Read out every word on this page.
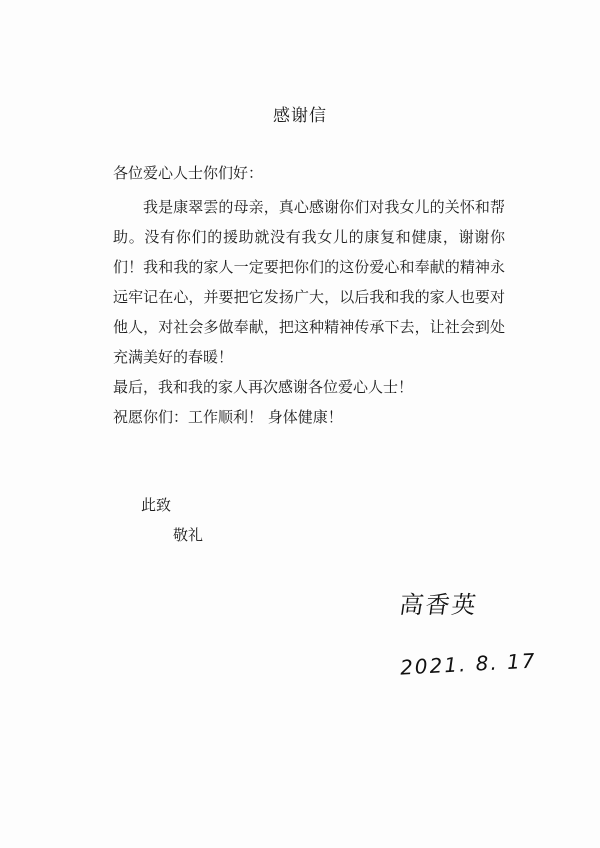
感谢信
各位爱心人士你们好：

我是康翠雲的母亲，真心感谢你们对我女儿的关怀和帮助。没有你们的援助就没有我女儿的康复和健康，谢谢你们！我和我的家人一定要把你们的这份爱心和奉献的精神永远牢记在心，并要把它发扬广大，以后我和我的家人也要对他人，对社会多做奉献，把这种精神传承下去，让社会到处充满美好的春暖！

最后，我和我的家人再次感谢各位爱心人士！

祝愿你们：工作顺利！ 身体健康！

此致
敬礼
高香英
2021. 8. 17
